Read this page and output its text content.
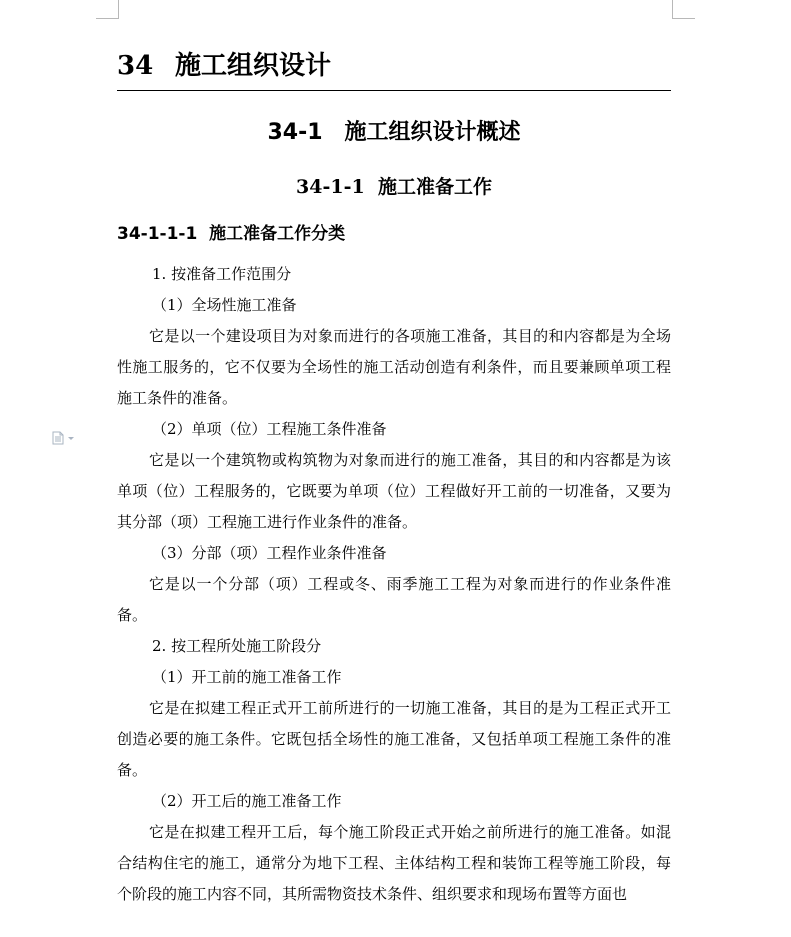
34 施工组织设计
34-1　 施工组织设计概述
34-1-1 施工准备工作
34-1-1-1 施工准备工作分类

1. 按准备工作范围分

（1）全场性施工准备

它是以一个建设项目为对象而进行的各项施工准备，其目的和内容都是为全场性施工服务的，它不仅要为全场性的施工活动创造有利条件，而且要兼顾单项工程施工条件的准备。

（2）单项（位）工程施工条件准备

它是以一个建筑物或构筑物为对象而进行的施工准备，其目的和内容都是为该单项（位）工程服务的，它既要为单项（位）工程做好开工前的一切准备，又要为其分部（项）工程施工进行作业条件的准备。

（3）分部（项）工程作业条件准备

它是以一个分部（项）工程或冬、雨季施工工程为对象而进行的作业条件准备。

2. 按工程所处施工阶段分

（1）开工前的施工准备工作

它是在拟建工程正式开工前所进行的一切施工准备，其目的是为工程正式开工创造必要的施工条件。它既包括全场性的施工准备，又包括单项工程施工条件的准备。

（2）开工后的施工准备工作

它是在拟建工程开工后，每个施工阶段正式开始之前所进行的施工准备。如混合结构住宅的施工，通常分为地下工程、主体结构工程和装饰工程等施工阶段，每个阶段的施工内容不同，其所需物资技术条件、组织要求和现场布置等方面也
